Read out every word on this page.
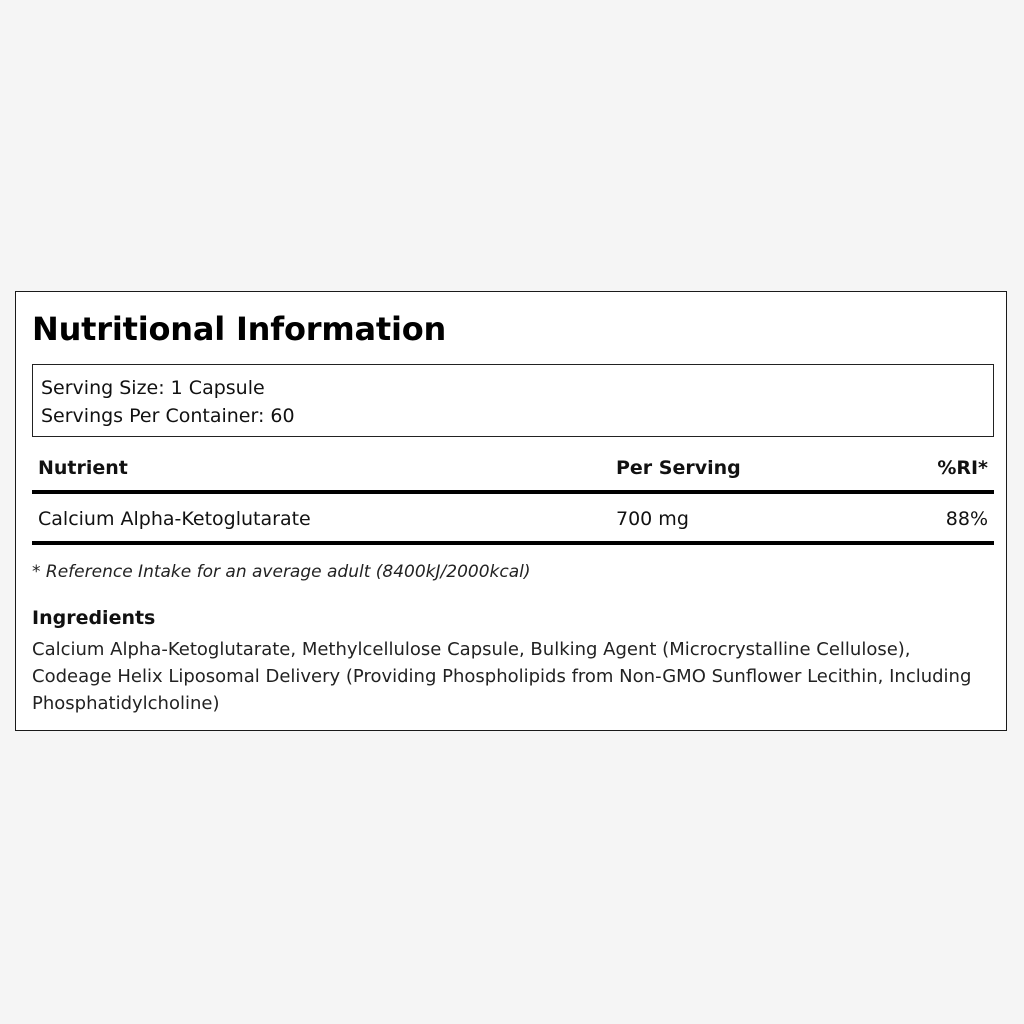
Nutritional Information
Serving Size: 1 Capsule
Servings Per Container: 60
Nutrient	Per Serving	%RI*
Calcium Alpha-Ketoglutarate	700 mg	88%
* Reference Intake for an average adult (8400kJ/2000kcal)
Ingredients
Calcium Alpha-Ketoglutarate, Methylcellulose Capsule, Bulking Agent (Microcrystalline Cellulose), Codeage Helix Liposomal Delivery (Providing Phospholipids from Non-GMO Sunflower Lecithin, Including Phosphatidylcholine)
